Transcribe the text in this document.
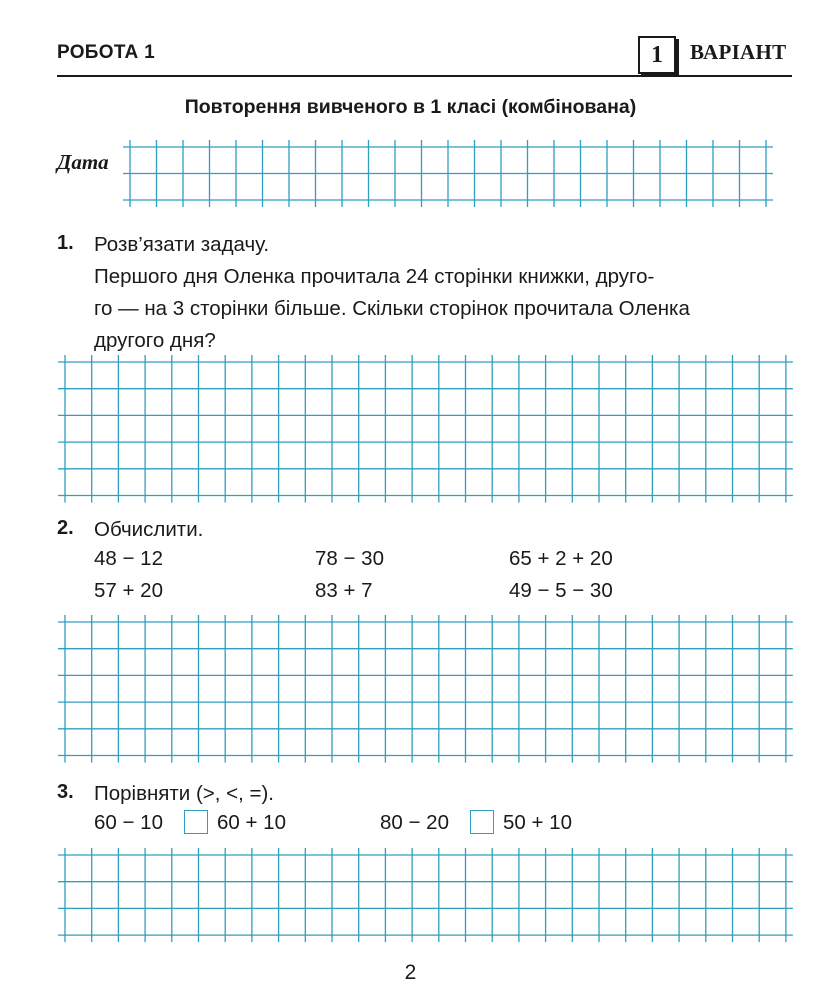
РОБОТА 1	1	ВАРІАНТ
Повторення вивченого в 1 класі (комбінована)
Дата
1. Розв’язати задачу.
Першого дня Оленка прочитала 24 сторінки книжки, друго-
го — на 3 сторінки більше. Скільки сторінок прочитала Оленка
другого дня?
2. Обчислити.
48 − 12	78 − 30	65 + 2 + 20
57 + 20	83 + 7	49 − 5 − 30
3. Порівняти (>, <, =).
60 − 10	60 + 10	80 − 20	50 + 10
2
